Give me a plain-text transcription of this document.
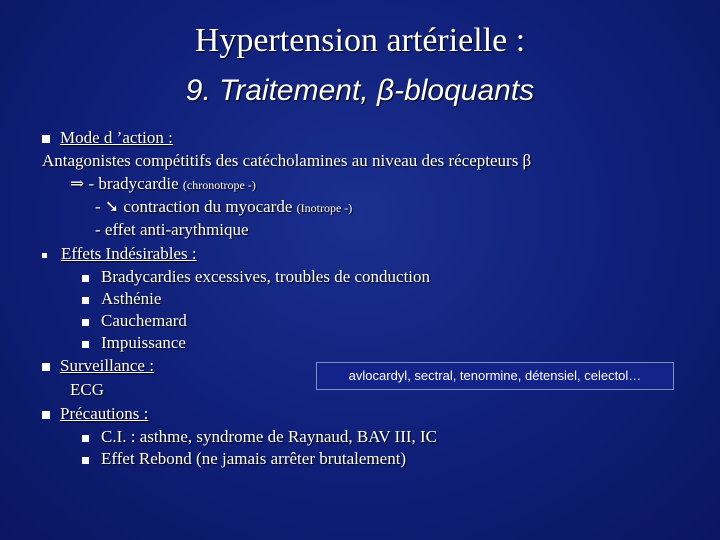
Hypertension artérielle :
9. Traitement, β-bloquants
Mode d ’action :
Antagonistes compétitifs des catécholamines au niveau des récepteurs β
⇒ - bradycardie (chronotrope -)
- ➘ contraction du myocarde (Inotrope -)
- effet anti-arythmique
Effets Indésirables :
Bradycardies excessives, troubles de conduction
Asthénie
Cauchemard
Impuissance
Surveillance :
ECG
avlocardyl, sectral, tenormine, détensiel, celectol…
Précautions :
C.I. : asthme, syndrome de Raynaud, BAV III, IC
Effet Rebond (ne jamais arrêter brutalement)
